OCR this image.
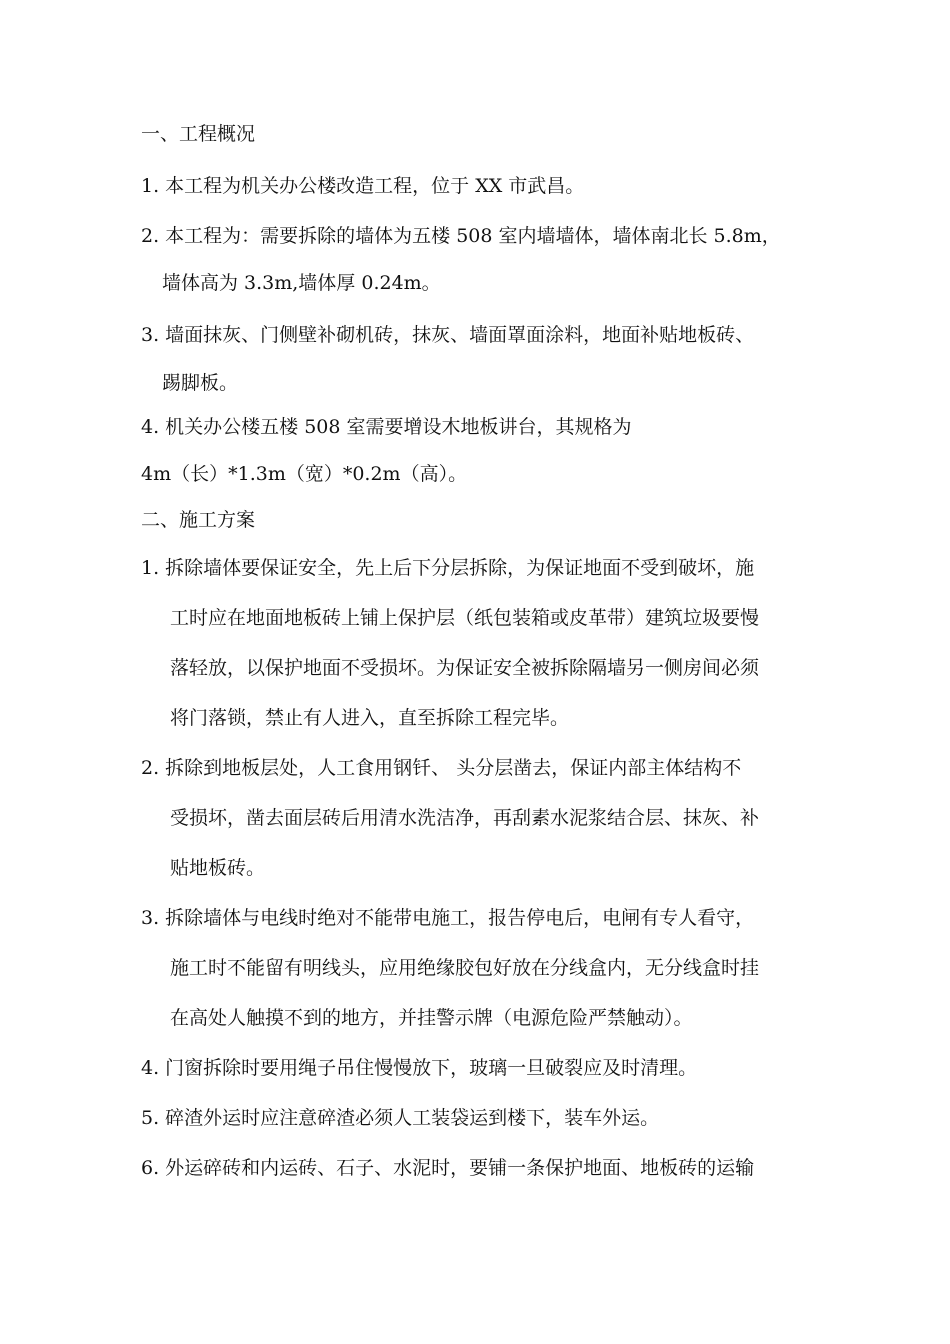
一、工程概况
1. 本工程为机关办公楼改造工程，位于 XX 市武昌。
2. 本工程为：需要拆除的墙体为五楼 508 室内墙墙体，墙体南北长 5.8m，
墙体高为 3.3m,墙体厚 0.24m。
3. 墙面抹灰、门侧壁补砌机砖，抹灰、墙面罩面涂料，地面补贴地板砖、
踢脚板。
4. 机关办公楼五楼 508 室需要增设木地板讲台，其规格为
4m（长）*1.3m（宽）*0.2m（高）。
二、施工方案
1. 拆除墙体要保证安全，先上后下分层拆除，为保证地面不受到破坏，施
工时应在地面地板砖上铺上保护层（纸包装箱或皮革带）建筑垃圾要慢
落轻放，以保护地面不受损坏。为保证安全被拆除隔墙另一侧房间必须
将门落锁，禁止有人进入，直至拆除工程完毕。
2. 拆除到地板层处，人工食用钢钎、 头分层凿去，保证内部主体结构不
受损坏，凿去面层砖后用清水洗洁净，再刮素水泥浆结合层、抹灰、补
贴地板砖。
3. 拆除墙体与电线时绝对不能带电施工，报告停电后，电闸有专人看守，
施工时不能留有明线头，应用绝缘胶包好放在分线盒内，无分线盒时挂
在高处人触摸不到的地方，并挂警示牌（电源危险严禁触动）。
4. 门窗拆除时要用绳子吊住慢慢放下，玻璃一旦破裂应及时清理。
5. 碎渣外运时应注意碎渣必须人工装袋运到楼下，装车外运。
6. 外运碎砖和内运砖、石子、水泥时，要铺一条保护地面、地板砖的运输
